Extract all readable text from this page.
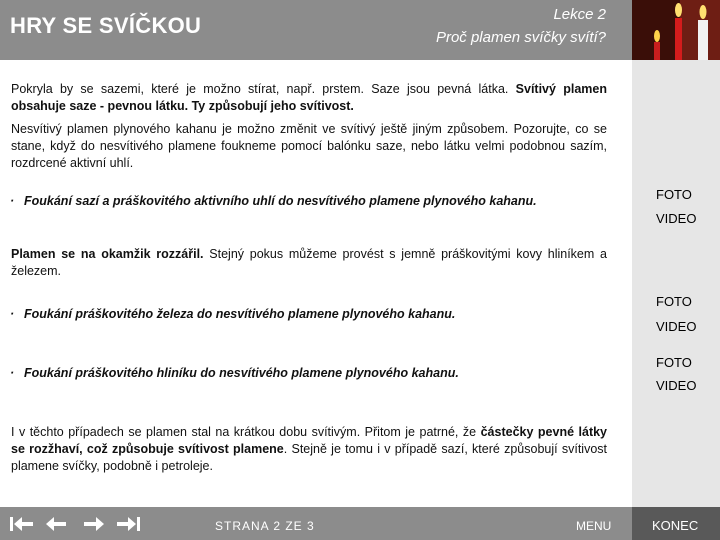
HRY SE SVÍČKOU	Lekce 2
Proč plamen svíčky svítí?
Pokryla by se sazemi, které je možno stírat, např. prstem. Saze jsou pevná látka. Svítivý plamen obsahuje saze - pevnou látku. Ty způsobují jeho svítivost.
Nesvítivý plamen plynového kahanu je možno změnit ve svítivý ještě jiným způsobem. Pozorujte, co se stane, když do nesvítivého plamene foukneme pomocí balónku saze, nebo látku velmi podobnou sazím, rozdrcené aktivní uhlí.
· Foukání sazí a práškovitého aktivního uhlí do nesvítivého plamene plynového kahanu.
Plamen se na okamžik rozzářil. Stejný pokus můžeme provést s jemně práškovitými kovy hliníkem a železem.
· Foukání práškovitého železa do nesvítivého plamene plynového kahanu.
· Foukání práškovitého hliníku do nesvítivého plamene plynového kahanu.
I v těchto případech se plamen stal na krátkou dobu svítivým. Přitom je patrné, že částečky pevné látky se rozžhaví, což způsobuje svítivost plamene. Stejně je tomu i v případě sazí, které způsobují svítivost plamene svíčky, podobně i petroleje.
FOTO
VIDEO
FOTO
VIDEO
FOTO
VIDEO
STRANA 2 ZE 3	MENU	KONEC
